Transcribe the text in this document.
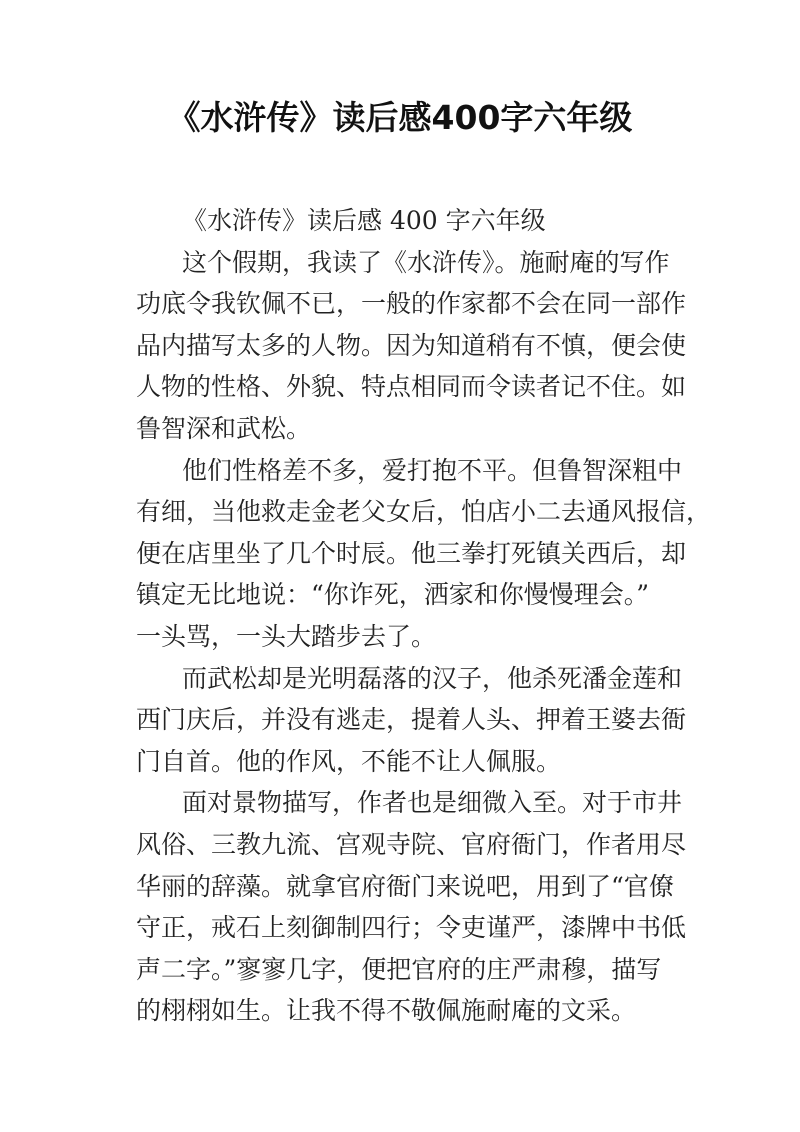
《水浒传》读后感400字六年级
《水浒传》读后感 400 字六年级
这个假期，我读了《水浒传》。施耐庵的写作
功底令我钦佩不已，一般的作家都不会在同一部作
品内描写太多的人物。因为知道稍有不慎，便会使
人物的性格、外貌、特点相同而令读者记不住。如
鲁智深和武松。
他们性格差不多，爱打抱不平。但鲁智深粗中
有细，当他救走金老父女后，怕店小二去通风报信，
便在店里坐了几个时辰。他三拳打死镇关西后，却
镇定无比地说：“你诈死，洒家和你慢慢理会。”
一头骂，一头大踏步去了。
而武松却是光明磊落的汉子，他杀死潘金莲和
西门庆后，并没有逃走，提着人头、押着王婆去衙
门自首。他的作风，不能不让人佩服。
面对景物描写，作者也是细微入至。对于市井
风俗、三教九流、宫观寺院、官府衙门，作者用尽
华丽的辞藻。就拿官府衙门来说吧，用到了“官僚
守正，戒石上刻御制四行；令吏谨严，漆牌中书低
声二字。”寥寥几字，便把官府的庄严肃穆，描写
的栩栩如生。让我不得不敬佩施耐庵的文采。
